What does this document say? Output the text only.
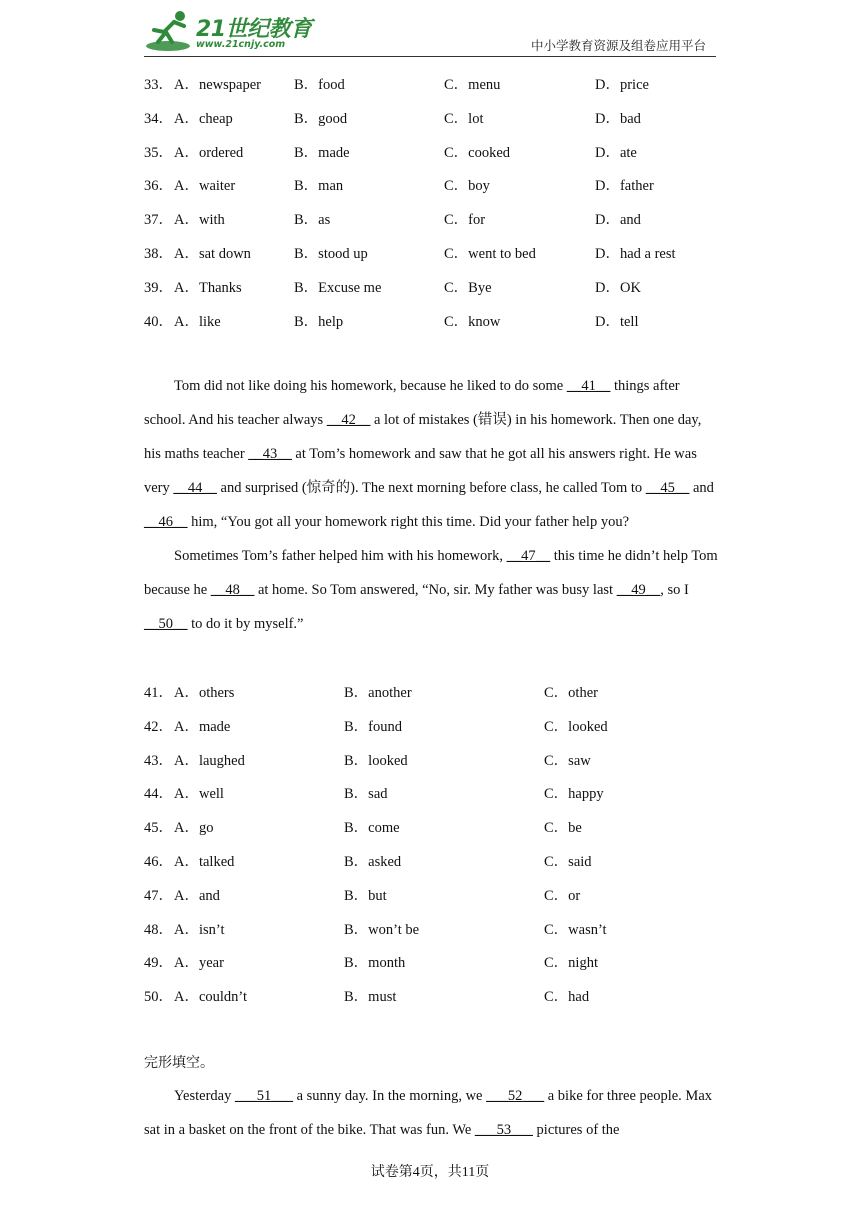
21世纪教育
www.21cnjy.com	中小学教育资源及组卷应用平台
33． A．newspaper B．food	C．menu	D．price
34． A．cheap	B．good	C．lot	D．bad
35． A．ordered	B．made	C．cooked	D．ate
36． A．waiter	B．man	C．boy	D．father
37． A．with	B．as	C．for	D．and
38． A．sat down	B．stood up	C．went to bed	D．had a rest
39． A．Thanks	B．Excuse me	C．Bye	D．OK
40． A．like	B．help	C．know	D．tell

Tom did not like doing his homework, because he liked to do some __41__ things after school. And his teacher always __42__ a lot of mistakes (错误) in his homework. Then one day, his maths teacher __43__ at Tom’s homework and saw that he got all his answers right. He was very __44__ and surprised (惊奇的). The next morning before class, he called Tom to __45__ and __46__ him, “You got all your homework right this time. Did your father help you?

Sometimes Tom’s father helped him with his homework, __47__ this time he didn’t help Tom because he __48__ at home. So Tom answered, “No, sir. My father was busy last __49__, so I __50__ to do it by myself.”

41． A．others	B．another	C．other
42． A．made	B．found	C．looked
43． A．laughed	B．looked	C．saw
44． A．well	B．sad	C．happy
45． A．go	B．come	C．be
46． A．talked	B．asked	C．said
47． A．and	B．but	C．or
48． A．isn’t	B．won’t be	C．wasn’t
49． A．year	B．month	C．night
50． A．couldn’t	B．must	C．had
完形填空。

Yesterday ___51___ a sunny day. In the morning, we ___52___ a bike for three people. Max sat in a basket on the front of the bike. That was fun. We ___53___ pictures of the

试卷第4页，共11页
